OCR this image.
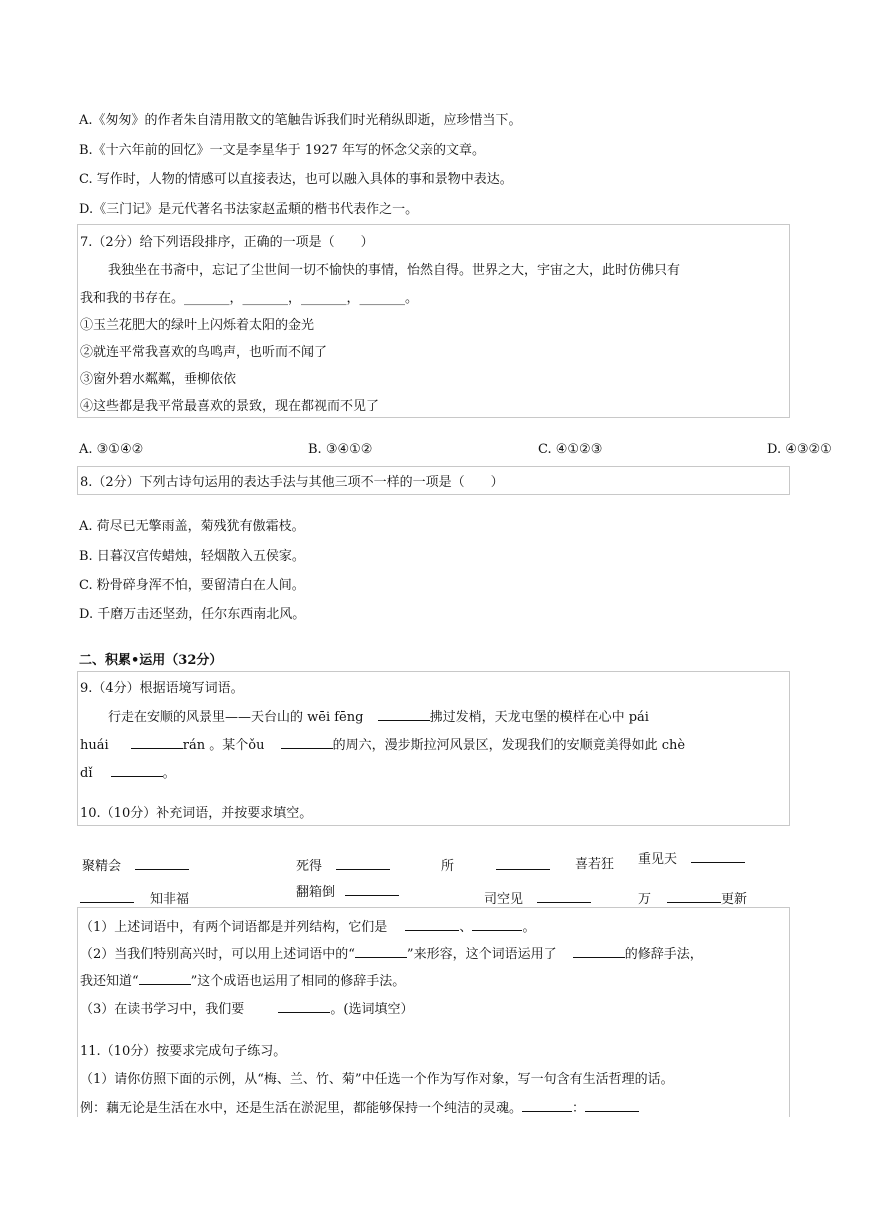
A.《匆匆》的作者朱自清用散文的笔触告诉我们时光稍纵即逝，应珍惜当下。
B.《十六年前的回忆》一文是李星华于 1927 年写的怀念父亲的文章。
C. 写作时，人物的情感可以直接表达，也可以融入具体的事和景物中表达。
D.《三门记》是元代著名书法家赵孟頫的楷书代表作之一。
7.（2分）给下列语段排序，正确的一项是（　　）
我独坐在书斋中，忘记了尘世间一切不愉快的事情，怡然自得。世界之大，宇宙之大，此时仿佛只有
我和我的书存在。_______，_______，_______，_______。
①玉兰花肥大的绿叶上闪烁着太阳的金光
②就连平常我喜欢的鸟鸣声，也听而不闻了
③窗外碧水粼粼，垂柳依依
④这些都是我平常最喜欢的景致，现在都视而不见了
A. ③①④②	B. ③④①②	C. ④①②③	D. ④③②①
8.（2分）下列古诗句运用的表达手法与其他三项不一样的一项是（　　）
A. 荷尽已无擎雨盖，菊残犹有傲霜枝。
B. 日暮汉宫传蜡烛，轻烟散入五侯家。
C. 粉骨碎身浑不怕，要留清白在人间。
D. 千磨万击还坚劲，任尔东西南北风。
二、积累•运用（32分）
9.（4分）根据语境写词语。
行走在安顺的风景里——天台山的 wēi fēng	拂过发梢，天龙屯堡的模样在心中 pái
huái	rán 。某个ǒu	的周六，漫步斯拉河风景区，发现我们的安顺竟美得如此 chè
dǐ	。
10.（10分）补充词语，并按要求填空。
聚精会	死得	所	喜若狂 重见天
知非福	翻箱倒	司空见	万	更新
（1）上述词语中，有两个词语都是并列结构，它们是	、	。
（2）当我们特别高兴时，可以用上述词语中的“	”来形容，这个词语运用了	的修辞手法，
我还知道“	”这个成语也运用了相同的修辞手法。
（3）在读书学习中，我们要	。(选词填空）
11.（10分）按要求完成句子练习。
（1）请你仿照下面的示例，从“梅、兰、竹、菊”中任选一个作为写作对象，写一句含有生活哲理的话。
例：藕无论是生活在水中，还是生活在淤泥里，都能够保持一个纯洁的灵魂。	：
